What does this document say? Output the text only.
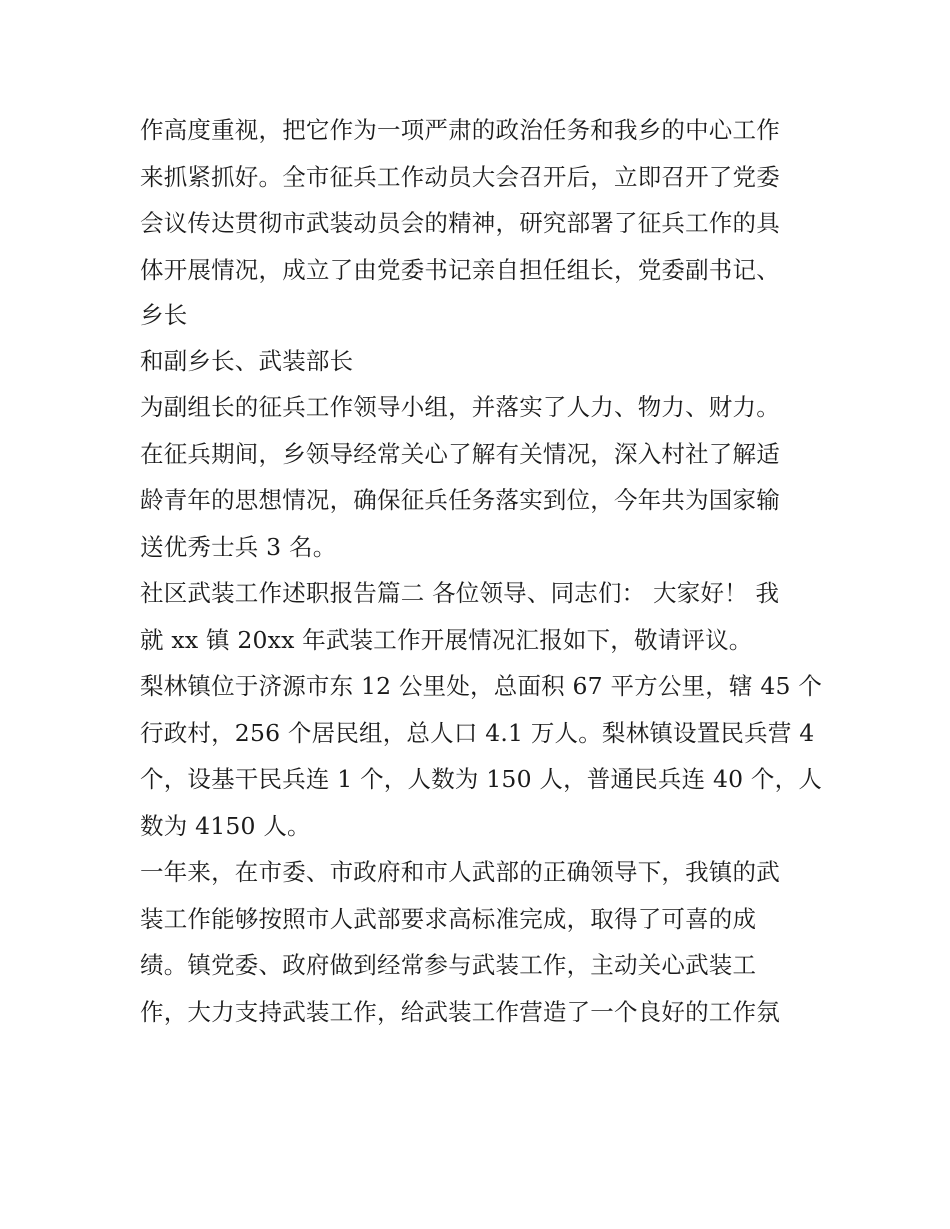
作高度重视，把它作为一项严肃的政治任务和我乡的中心工作
来抓紧抓好。全市征兵工作动员大会召开后，立即召开了党委
会议传达贯彻市武装动员会的精神，研究部署了征兵工作的具
体开展情况，成立了由党委书记亲自担任组长，党委副书记、
乡长
和副乡长、武装部长
为副组长的征兵工作领导小组，并落实了人力、物力、财力。
在征兵期间，乡领导经常关心了解有关情况，深入村社了解适
龄青年的思想情况，确保征兵任务落实到位，今年共为国家输
送优秀士兵 3 名。
社区武装工作述职报告篇二 各位领导、同志们： 大家好！ 我
就 xx 镇 20xx 年武装工作开展情况汇报如下，敬请评议。
梨林镇位于济源市东 12 公里处，总面积 67 平方公里，辖 45 个
行政村，256 个居民组，总人口 4.1 万人。梨林镇设置民兵营 4
个，设基干民兵连 1 个，人数为 150 人，普通民兵连 40 个，人
数为 4150 人。
一年来，在市委、市政府和市人武部的正确领导下，我镇的武
装工作能够按照市人武部要求高标准完成，取得了可喜的成
绩。镇党委、政府做到经常参与武装工作，主动关心武装工
作，大力支持武装工作，给武装工作营造了一个良好的工作氛
